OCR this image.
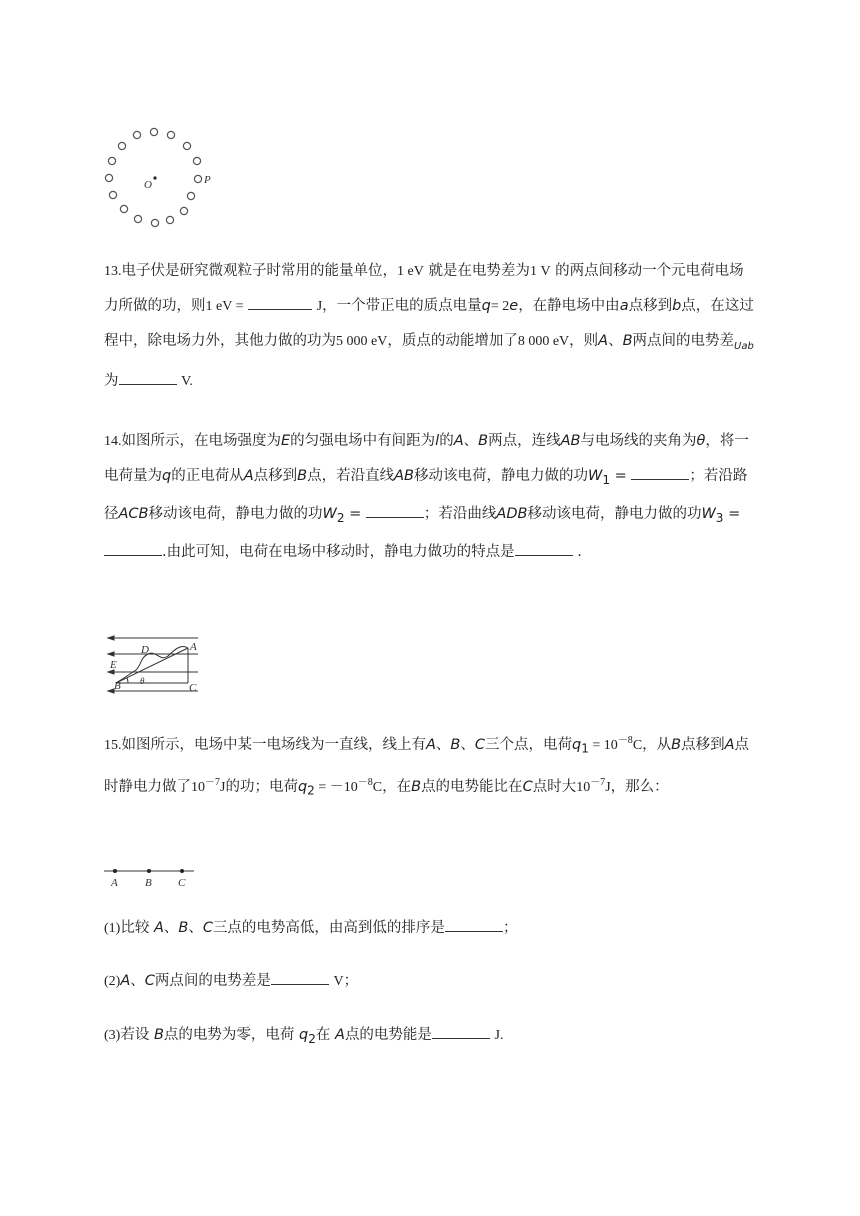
O	P

13.电子伏是研究微观粒子时常用的能量单位，1 eV 就是在电势差为1 V 的两点间移动一个元电荷电场力所做的功，则1 eV =	J，一个带正电的质点电量q= 2e，在静电场中由a点移到b点，在这过程中，除电场力外，其他力做的功为5 000 eV，质点的动能增加了8 000 eV，则A、B两点间的电势差$_{Uab}$为	V.

14.如图所示，在电场强度为E的匀强电场中有间距为l的A、B两点，连线AB与电场线的夹角为θ，将一电荷量为q的正电荷从A点移到B点，若沿直线AB移动该电荷，静电力做的功$W_1$ =	；若沿路径ACB移动该电荷，静电力做的功$W_2$ =	；若沿曲线ADB移动该电荷，静电力做的功$W_3$ = .由此可知，电荷在电场中移动时，静电力做功的特点是	.

D	A
E
B θ
C

15.如图所示，电场中某一电场线为一直线，线上有A、B、C三个点，电荷$q_1 = 10^{-8}C$，从B点移到A点时静电力做了$10^{-7}J$的功；电荷$q_2 = -10^{-8}C$，在B点的电势能比在C点时大$10^{-7}J$，那么：

A B C

(1)比较 A、B、C三点的电势高低，由高到低的排序是	；

(2)A、C两点间的电势差是	V；

(3)若设 B点的电势为零，电荷 $q_2$在 A点的电势能是	J.
